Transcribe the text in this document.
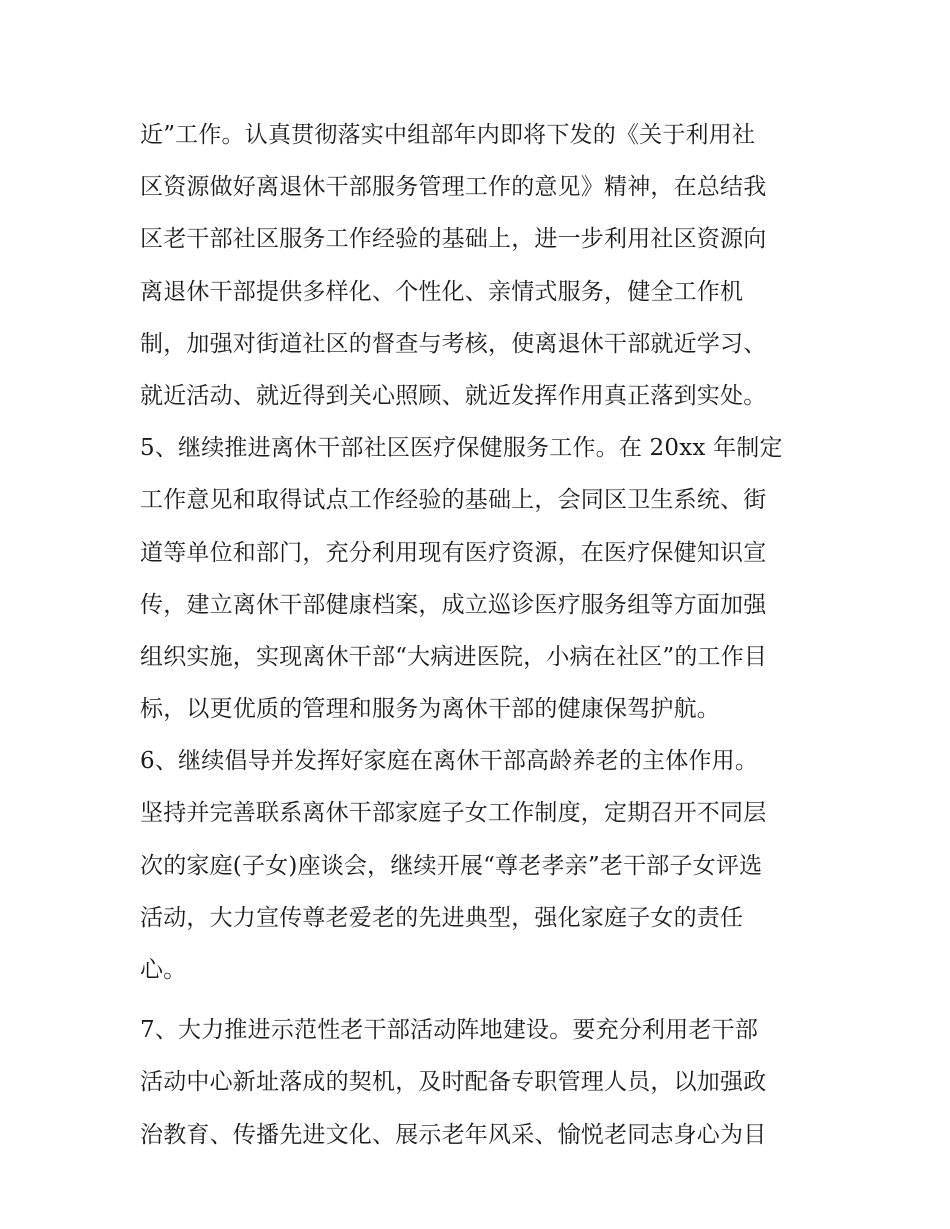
近”工作。认真贯彻落实中组部年内即将下发的《关于利用社
区资源做好离退休干部服务管理工作的意见》精神，在总结我
区老干部社区服务工作经验的基础上，进一步利用社区资源向
离退休干部提供多样化、个性化、亲情式服务，健全工作机
制，加强对街道社区的督查与考核，使离退休干部就近学习、
就近活动、就近得到关心照顾、就近发挥作用真正落到实处。
5、继续推进离休干部社区医疗保健服务工作。在 20xx 年制定
工作意见和取得试点工作经验的基础上，会同区卫生系统、街
道等单位和部门，充分利用现有医疗资源，在医疗保健知识宣
传，建立离休干部健康档案，成立巡诊医疗服务组等方面加强
组织实施，实现离休干部“大病进医院，小病在社区”的工作目
标，以更优质的管理和服务为离休干部的健康保驾护航。
6、继续倡导并发挥好家庭在离休干部高龄养老的主体作用。
坚持并完善联系离休干部家庭子女工作制度，定期召开不同层
次的家庭(子女)座谈会，继续开展“尊老孝亲”老干部子女评选
活动，大力宣传尊老爱老的先进典型，强化家庭子女的责任
心。
7、大力推进示范性老干部活动阵地建设。要充分利用老干部
活动中心新址落成的契机，及时配备专职管理人员，以加强政
治教育、传播先进文化、展示老年风采、愉悦老同志身心为目
